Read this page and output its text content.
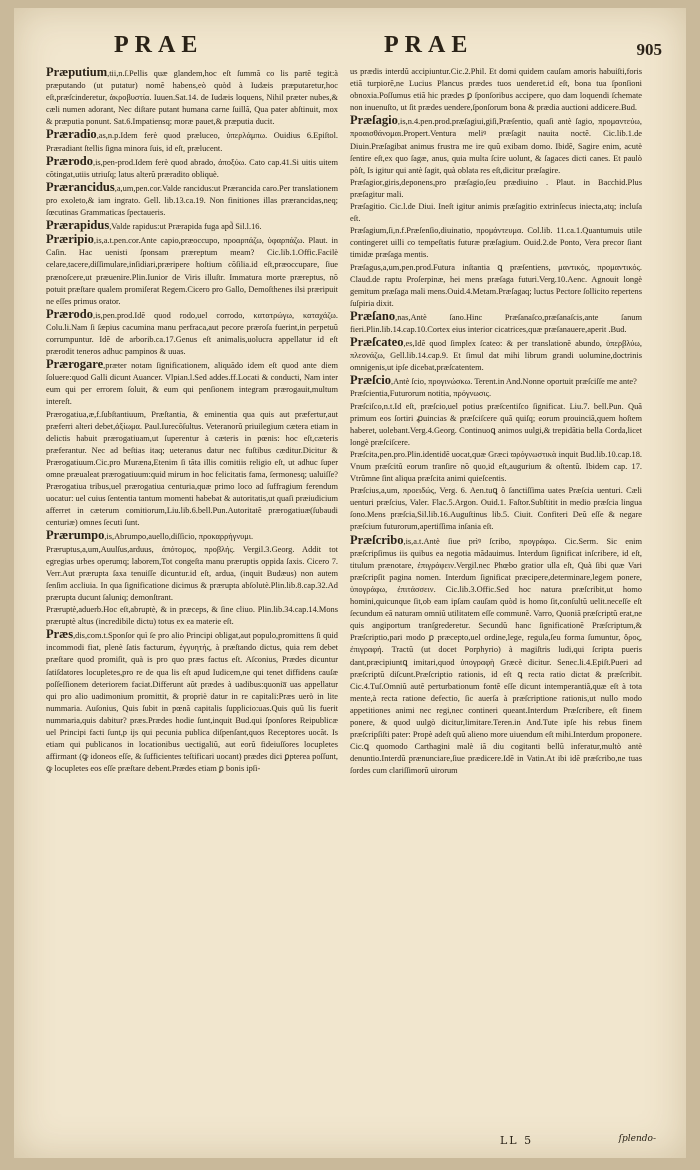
PRAE	PRAE	905

Præputium,tii,n.ſ.Pellis quæ glandem,hoc eſt ſummã co lis partẽ tegit:à præputando (ut putatur) nomẽ habens,eò quòd à Iudæis præputaretur,hoc eſt,præſcinderetur, ἀκροβυστία. Iuuen.Sat.14. de Iudæis loquens, Nihil præter nubes,& cæli numen adorant, Nec diſtare putant humana carne ſuillã, Qua pater abſtinuit, mox & præputia ponunt. Sat.6.Impatiensq; moræ pauet,& præputia ducit.

Præradio,as,n.p.Idem ferè quod præluceo, ὑπερλάμπω. Ouidius 6.Epiſtol. Præradiant ſtellis ſigna minora ſuis, id eſt, prælucent.

Prærodo,is,pen-prod.Idem ferè quod abrado, ἀποξύω. Cato cap.41.Si uitis uitem cõtingat,utiis utriuſq; latus alterũ præradito obliquè.

Prærancidus,a,um,pen.cor.Valde rancidus:ut Prærancida caro.Per translationem pro exoleto,& iam ingrato. Gell. lib.13.ca.19. Non finitiones illas prærancidas,neq; ſœcutinas Grammaticas ſpectaueris.

Prærapidus,Valde rapidus:ut Prærapida fuga apd̃ Sil.l.16.

Præripio,is,a.t.pen.cor.Ante capio,præoccupo, προαρπάζω, ὑφαρπάζω. Plaut. in Caſin. Hac uenisti ſponsam præreptum meam? Cic.lib.1.Offic.Facilè celare,tacere,diſſimulare,inſidiari,præripere hoſtium cõſilia.id eſt,præoccupare, ſiue prænoſcere,ut præuenire.Plin.Iunior de Viris illuſtr. Immatura morte præreptus, nõ potuit præſtare qualem promiſerat Regem.Cicero pro Gallo, Demoſthenes ilsi præripuit ne eſſes primus orator.

Prærodo,is,pen.prod.Idẽ quod rodo,uel corrodo, κατατρώγω, καταχάζω. Colu.li.Nam ſi ſæpius cacumina manu perfraca,aut pecore præroſa fuerint,in perpetuũ corrumpuntur. Idẽ de arborib.ca.17.Genus eſt animalis,uolucra appellatur id eſt prærodit teneros adhuc pampinos & uuas.

Prærogare,præter notam ſignificationem, aliquãdo idem eſt quod ante diem ſoluere:quod Galli dicunt Auancer. Vlpian.l.Sed addes.ff.Locati & conducti, Nam inter eum qui per errorem ſoluit, & eum qui penſionem integram prærogauit,multum intereſt.

Prærogatiua,æ,f.ſubſtantiuum, Præſtantia, & eminentia qua quis aut præfertur,aut præferri alteri debet,ἀξίωμα. Paul.Iurecõſultus. Veteranorũ priuilegium cætera etiam in delictis habuit prærogatiuam,ut ſuperentur à cæteris in pœnis: hoc eſt,cæteris præferantur. Nec ad beſtias itaq; ueteranus datur nec fuſtibus cæditur.Dicitur & Prærogatiuum.Cic.pro Muræna,Etenim ſi tãta illis comitiis religio eſt, ut adhuc ſuper omne præualeat prærogatiuum:quid mirum in hoc felicitatis fama, ſermonesq; ualuiſſe? Prærogatiua tribus,uel prærogatiua centuria,quæ primo loco ad ſuffragium ferendum uocatur: uel cuius ſententia tantum momenti habebat & autoritatis,ut quaſi præiudicium afferret in cæterum comitiorum,Liu.lib.6.bell.Pun.Autoritatẽ prærogatiuæ(ſubaudi centuriæ) omnes ſecuti ſunt.

Prærumpo,is,Abrumpo,auello,diſſicio, προκαρρήγνυμι.

Præruptus,a,um,Auulſus,arduus, ἀπότομος, προβλής. Vergil.3.Georg. Addit tot egregias urbes operumq; laborem,Tot congeſta manu præruptis oppida ſaxis. Cicero 7. Verr.Aut prærupta ſaxa tenuiſſe dicuntur.id eſt, ardua, (inquit Budæus) non autem ſenſim accliuia. In qua ſignificatione dicimus & prærupta abſolutè.Plin.lib.8.cap.32.Ad prærupta ducunt ſaluniq; demonſtrant.

Præruptè,aduerb.Hoc eſt,abruptè, & in præceps, & ſine cliuo. Plin.lib.34.cap.14.Mons præruptè altus (incredibile dictu) totus ex ea materie eſt.

Præs,dis,com.t.Sponſor quì ſe pro alio Principi obligat,aut populo,promittens ſi quid incommodi fiat, plenè ſatis facturum, ἐγγυητής, à præſtando dictus, quia rem debet præſtare quod promiſit, quà is pro quo præs factus eſt. Aſconius, Prædes dicuntur ſatiſdatores locupletes,pro re de qua lis eſt apud Iudicem,ne qui tenet diffidens cauſæ poſſeſſionem deteriorem faciat.Differunt aũt prædes à uadibus:quonia̅ uas appellatur qui pro alio uadimonium promittit, & propriè datur in re capitali:Præs uerò in lite nummaria. Auſonius, Quis ſubit in pœnã capitalis ſupplicio:uas.Quis quũ lis fuerit nummaria,quis dabitur? præs.Prædes hodie ſunt,inquit Bud.qui ſponſores Reipublicæ uel Principi facti ſunt,p ijs qui pecunia publica diſpenſant,quos Receptores uocãt. Is etiam qui publicanos in locationibus uectigaliũ, aut eorũ fideiuſſores locupletes affirmant (ꝙ idoneos eſſe, & ſufficientes teſtificari uocant) prædes dici ꝑpterea poſſunt, ꝙ locupletes eos eſſe præſtare debent.Prædes etiam ꝑ bonis ipſi-

us prædis interdũ accipiuntur.Cic.2.Phil. Et domi quidem cauſam amoris habuiſti,foris etiã turpiorẽ,ne Lucius Plancus prædes tuos uenderet.id eſt, bona tua ſponſioni obnoxia.Poſſumus etiã hic prædes ꝑ ſponſoribus accipere, quo dam loquendi ſchemate non inuenuſto, ut ſit prædes uendere,ſponſorum bona & prædia auctioni addicere.Bud.

Præſagio,is,n.4.pen.prod.præſagiui,giſi,Præſentio, quaſi antè ſagio, προμαντεύω, προαισθάνομαι.Propert.Ventura meliꝰ præſagit nauita noctẽ. Cic.lib.1.de Diuin.Præſagibat animus frustra me ire quũ exibam domo. Ibidẽ, Sagire enim, acutè ſentire eſt,ex quo ſagæ, anus, quia multa ſcire uolunt, & ſagaces dicti canes. Et paulò pòſt, Is igitur qui antè ſagit, quà oblata res eſt,dicitur præſagire.

Præſagior,giris,deponens,pro præſagio,ſeu prædiuino . Plaut. in Bacchid.Plus præſagitur mali.

Præſagitio. Cic.l.de Diui. Ineſt igitur animis præſagitio extrinſecus iniecta,atq; incluſa eſt.

Præſagium,ſi,n.f.Præſenſio,diuinatio, προμάντευμα. Col.lib. 11.ca.1.Quantumuis utile contingeret uilli co tempeſtatis futuræ præſagium. Ouid.2.de Ponto, Vera precor ſiant timidæ præſaga mentis.

Præſagus,a,um,pen.prod.Futura inſtantia ꝗ præſentiens, μαντικός, προμαντικός. Claud.de raptu Proſerpinæ, hei mens præſaga futuri.Verg.10.Aenc. Agnouit longè gemitum præſaga mali mens.Ouid.4.Metam.Præſagaq; luctus Pectore ſollicito repertens ſuſpiria dixit.

Præſano,nas,Antè ſano.Hinc Præſanaſco,præſanaſcis,ante ſanum fieri.Plin.lib.14.cap.10.Cortex eius interior cicatrices,quæ præſanauere,aperit .Bud.

Præſcateo,es,Idẽ quod ſimplex ſcateo: & per translationẽ abundo, ὑπερβλύω, πλεονάζω, Gell.lib.14.cap.9. Et ſimul dat mihi librum grandi uolumine,doctrinis omnigenis,ut ipſe dicebat,præſcatentem.

Præſcio,Antè ſcio, προγινώσκω. Terent.in And.Nonne oportuit præſciſſe me ante?

Præſcientia,Futurorum notitia, πρόγνωσις.

Præſciſco,n.t.Id eſt, præſcio,uel potius præſcentiſco ſignificat. Liu.7. bell.Pun. Quã primum eos ſortiri ꝓuincias & præſciſcere quã quiſq; eorum prouinciã,quem hoſtem haberet, uolebant.Verg.4.Georg. Continuoꝗ animos uulgi,& trepidãtia bella Corda,licet longè præſciſcere.

Præſcita,pen.pro.Plin.identidẽ uocat,quæ Græci ϖρόγνωστικὰ inquit Bud.lib.10.cap.18. Vnum præſcitũ eorum tranſire nõ quo,id eſt,augurium & oſtentũ. Ibidem cap. 17. Vtrũmne ſint aliqua præſcita animi quieſcentis.

Præſcius,a,um, προειδώς, Verg. 6. Aen.tuꝗ ô ſanctiſſima uates Præſcia uenturi. Cæli uenturi præſcius, Valer. Flac.5.Argon. Ouid.1. Faſtor.Subſtitit in medio præſcia lingua ſono.Mens præſcia,Sil.lib.16.Auguſtinus lib.5. Ciuit. Confiteri Deũ eſſe & negare præſcium futurorum,apertiſſima inſania eſt.

Præſcribo,is,a.t.Antè ſiue prìꝰ ſcribo, προγράφω. Cic.Serm. Sic enim præſcripſimus iis quibus ea negotia mãdauimus. Interdum ſignificat inſcribere, id eſt, titulum prænotare, ἐπιγράφειν.Vergil.nec Phœbo gratior ulla eſt, Quà ſibi quæ Vari præſcripſit pagina nomen. Interdum ſignificat præcipere,determinare,legem ponere, ὑπογράφω, ἐπιτάσσειν. Cic.lib.3.Offic.Sed hoc natura præſcribit,ut homo homini,quicunque ſit,ob eam ipſam cauſam quòd is homo ſit,conſultũ uelit.neceſſe eſt ſecundum eã naturam omniũ utilitatem eſſe communẽ. Varro, Quoniã præſcriptũ erat,ne quis angiportum tranſgrederetur. Secundũ hanc ſignificationẽ Præſcriptum,& Præſcriptio,pari modo ꝑ præcepto,uel ordine,lege, regula,ſeu forma ſumuntur, ὅρος, ἐπιγραφή. Tractũ (ut docet Porphyrio) à magiſtris ludi,qui ſcripta pueris dant,præcipiuntꝗ imitari,quod ὑπογραφὴ Græcè dicitur. Senec.li.4.Epiſt.Pueri ad præſcriptũ diſcunt.Præſcriptio rationis, id eſt ꝗ recta ratio dictat & præſcribit. Cic.4.Tuſ.Omniũ autẽ perturbationum fontẽ eſſe dicunt intemperantiã,quæ eſt à tota mente,à recta ratione defectio, ſic auerſa à præſcriptione rationis,ut nullo modo appetitiones animi nec regi,nec contineri queant.Interdum Præſcribere, eſt finem ponere, & quod uulgò dicitur,limitare.Teren.in And.Tute ipſe his rebus finem præſcripſiſti pater: Propè adeſt quũ alieno more uiuendum eſt mihi.Interdum proponere. Cic.ꝗ quomodo Carthagini malè iã diu cogitanti bellũ inferatur,multò antè denuntio.Interdũ prænunciare,ſiue prædicere.Idẽ in Vatin.At ibi idẽ præſcribo,ne tuas ſordes cum clariſſimorũ uirorum

LL 5	ſplendo-
